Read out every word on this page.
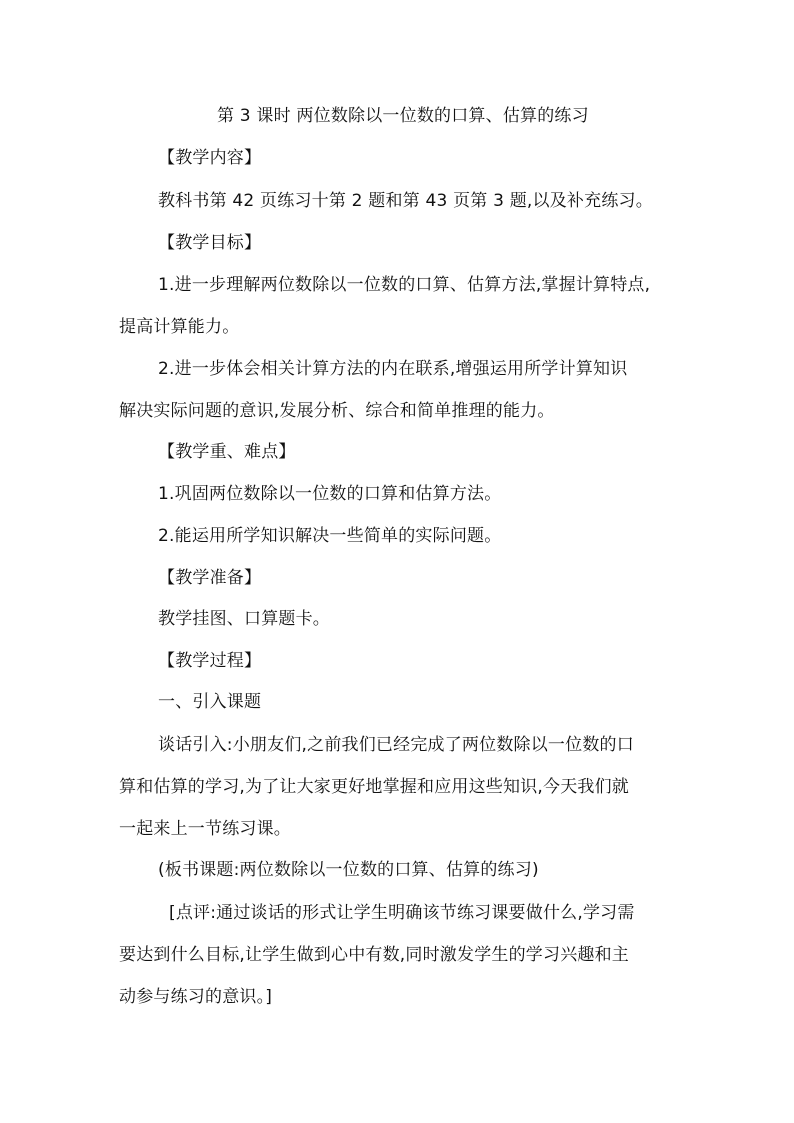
第 3 课时 两位数除以一位数的口算、估算的练习
【教学内容】
教科书第 42 页练习十第 2 题和第 43 页第 3 题,以及补充练习。
【教学目标】
1.进一步理解两位数除以一位数的口算、估算方法,掌握计算特点,
提高计算能力。
2.进一步体会相关计算方法的内在联系,增强运用所学计算知识
解决实际问题的意识,发展分析、综合和简单推理的能力。
【教学重、难点】
1.巩固两位数除以一位数的口算和估算方法。
2.能运用所学知识解决一些简单的实际问题。
【教学准备】
教学挂图、口算题卡。
【教学过程】
一、引入课题
谈话引入:小朋友们,之前我们已经完成了两位数除以一位数的口
算和估算的学习,为了让大家更好地掌握和应用这些知识,今天我们就
一起来上一节练习课。
(板书课题:两位数除以一位数的口算、估算的练习)
[点评:通过谈话的形式让学生明确该节练习课要做什么,学习需
要达到什么目标,让学生做到心中有数,同时激发学生的学习兴趣和主
动参与练习的意识。]
